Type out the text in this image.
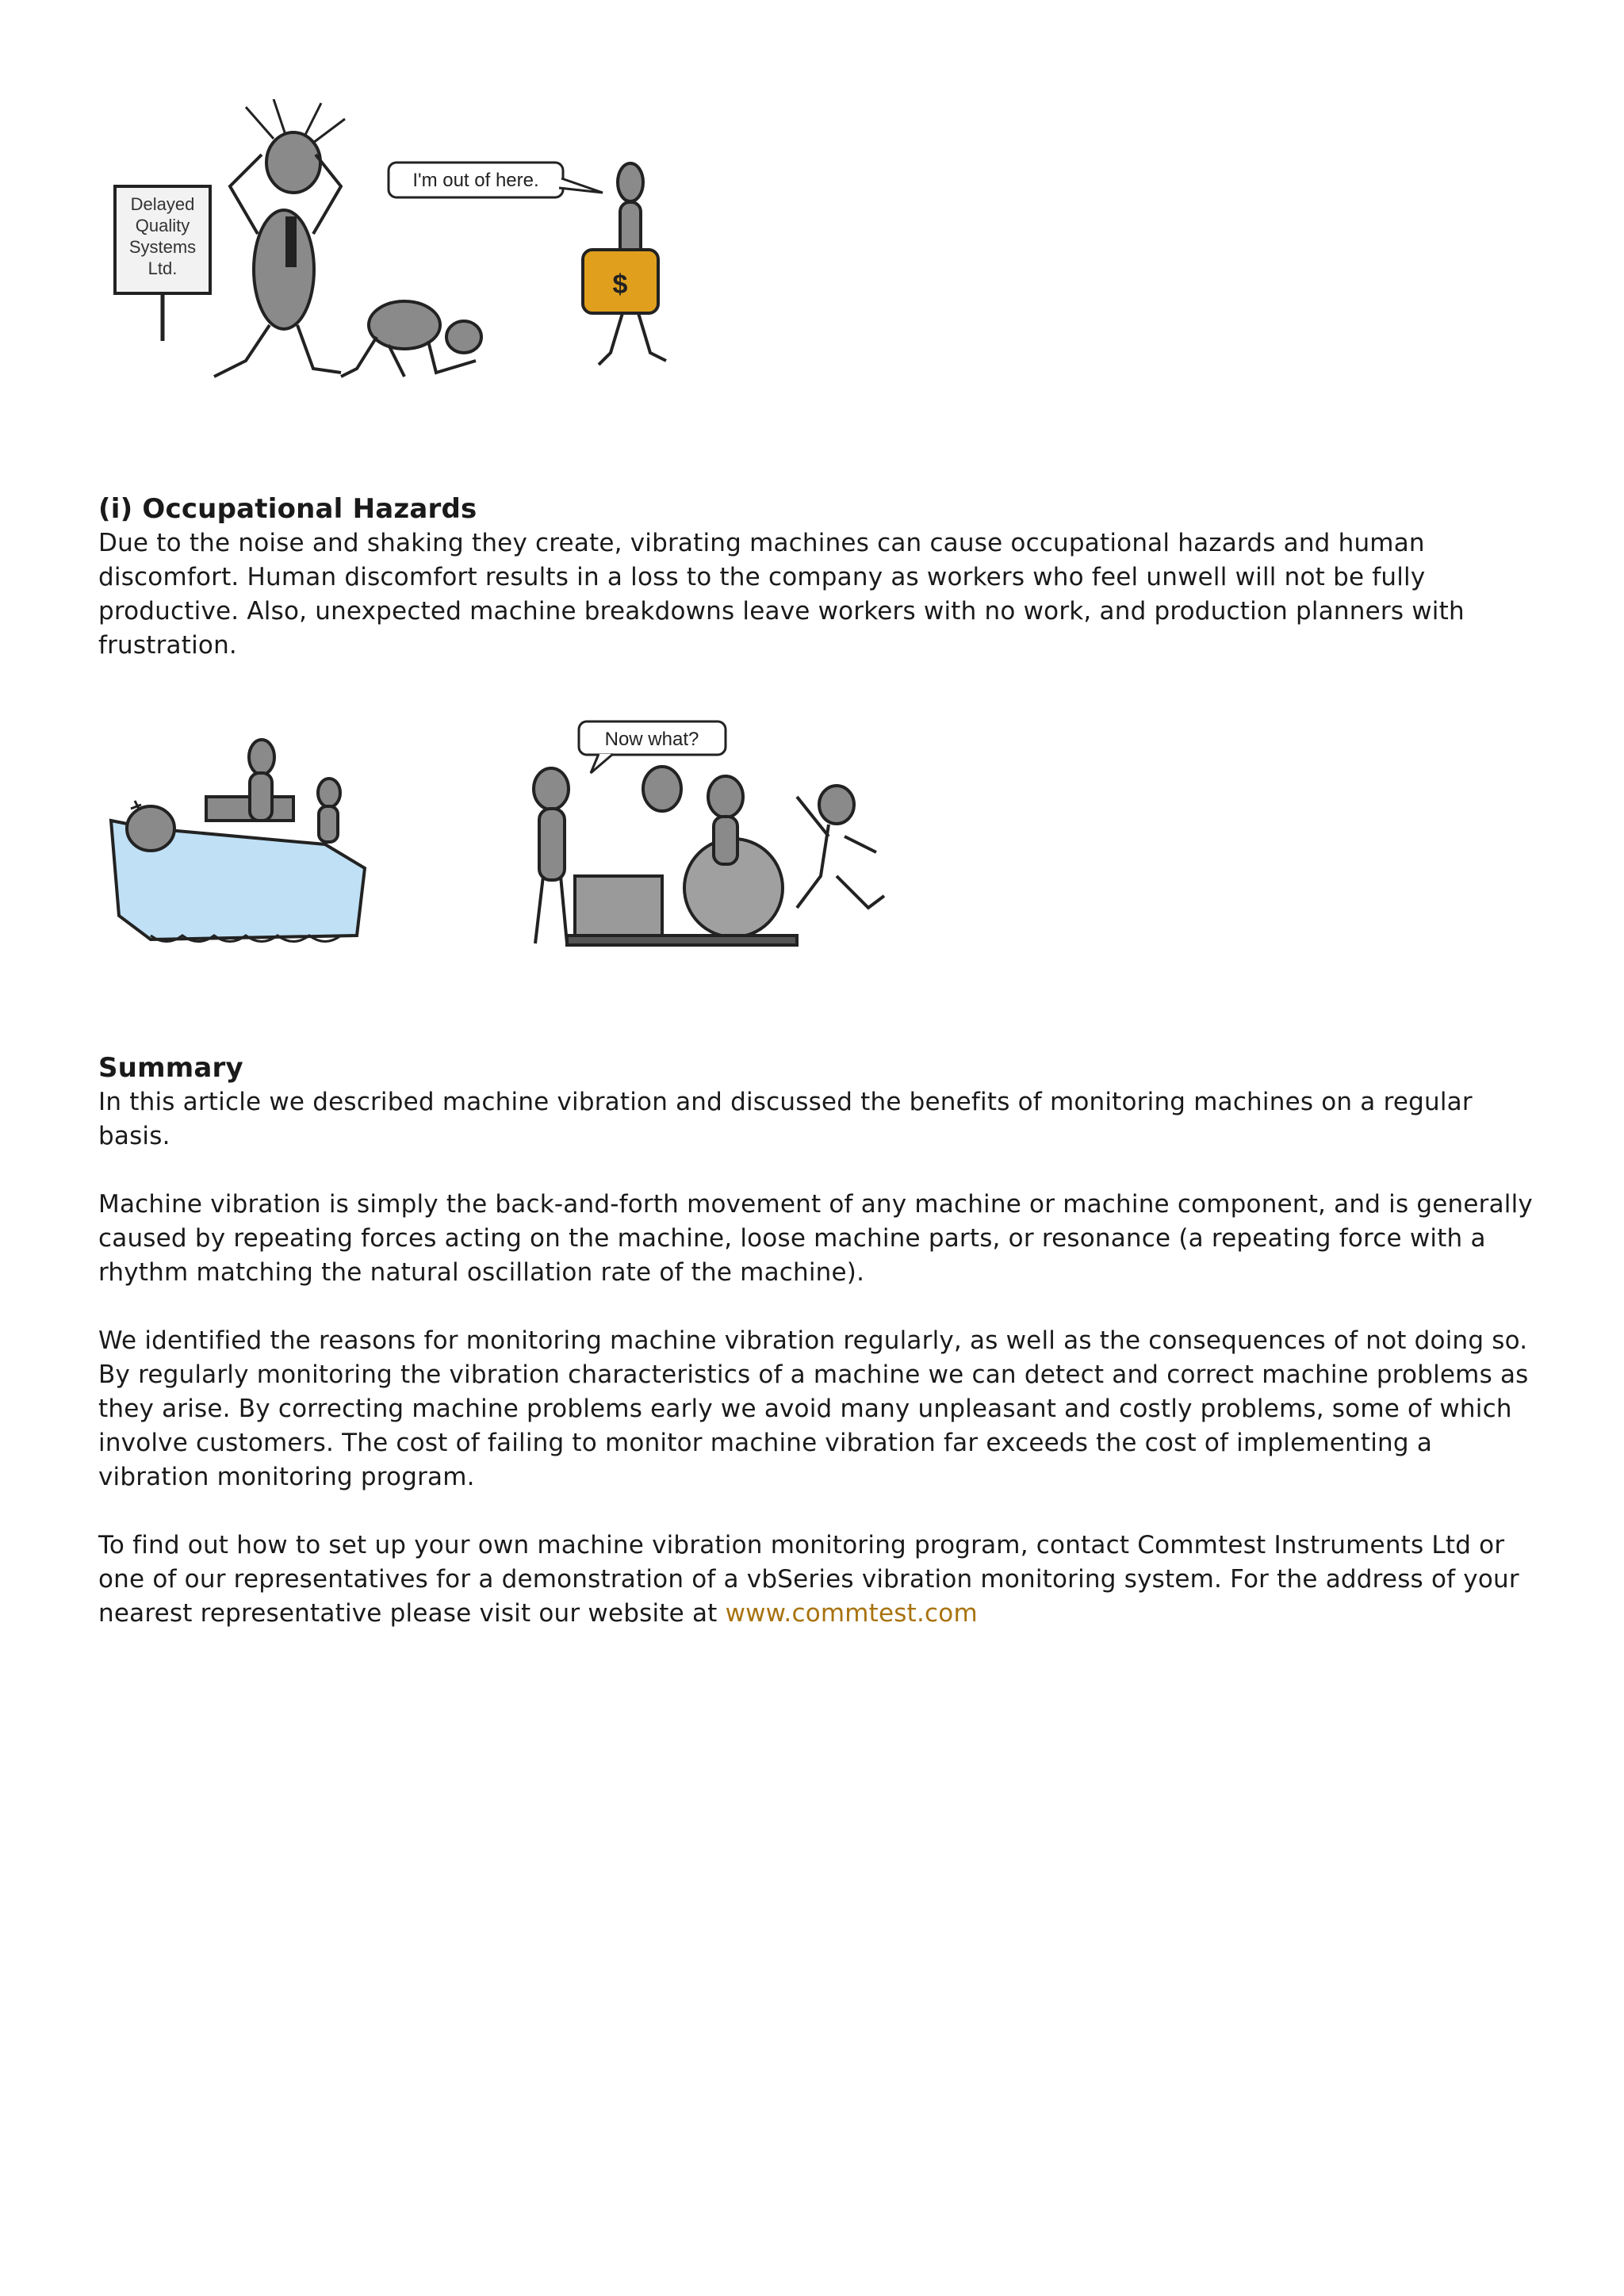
Delayed
Quality
Systems
Ltd.
I'm out of here.
$

(i) Occupational Hazards

Due to the noise and shaking they create, vibrating machines can cause occupational hazards and human discomfort. Human discomfort results in a loss to the company as workers who feel unwell will not be fully productive. Also, unexpected machine breakdowns leave workers with no work, and production planners with frustration.

Now what?

Summary

In this article we described machine vibration and discussed the benefits of monitoring machines on a regular basis.

Machine vibration is simply the back-and-forth movement of any machine or machine component, and is generally caused by repeating forces acting on the machine, loose machine parts, or resonance (a repeating force with a rhythm matching the natural oscillation rate of the machine).

We identified the reasons for monitoring machine vibration regularly, as well as the consequences of not doing so. By regularly monitoring the vibration characteristics of a machine we can detect and correct machine problems as they arise. By correcting machine problems early we avoid many unpleasant and costly problems, some of which involve customers. The cost of failing to monitor machine vibration far exceeds the cost of implementing a vibration monitoring program.

To find out how to set up your own machine vibration monitoring program, contact Commtest Instruments Ltd or one of our representatives for a demonstration of a vbSeries vibration monitoring system. For the address of your nearest representative please visit our website at www.commtest.com
